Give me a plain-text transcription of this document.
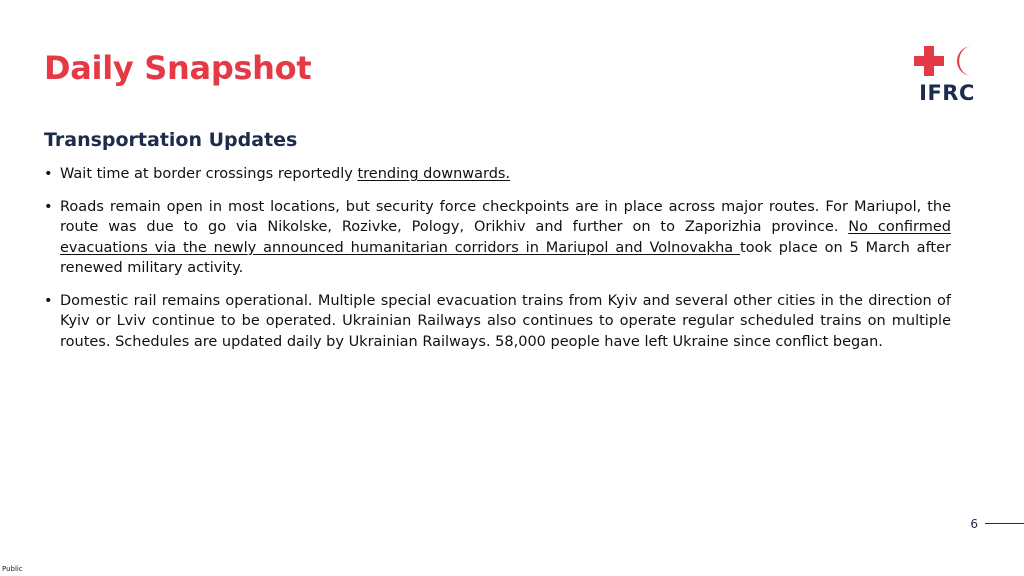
Daily Snapshot
IFRC
Transportation Updates
• Wait time at border crossings reportedly trending downwards.
• Roads remain open in most locations, but security force checkpoints are in place across major routes. For Mariupol, the route was due to go via Nikolske, Rozivke, Pology, Orikhiv and further on to Zaporizhia province. No confirmed evacuations via the newly announced humanitarian corridors in Mariupol and Volnovakha took place on 5 March after renewed military activity.
• Domestic rail remains operational. Multiple special evacuation trains from Kyiv and several other cities in the direction of Kyiv or Lviv continue to be operated. Ukrainian Railways also continues to operate regular scheduled trains on multiple routes. Schedules are updated daily by Ukrainian Railways. 58,000 people have left Ukraine since conflict began.
6
Public
